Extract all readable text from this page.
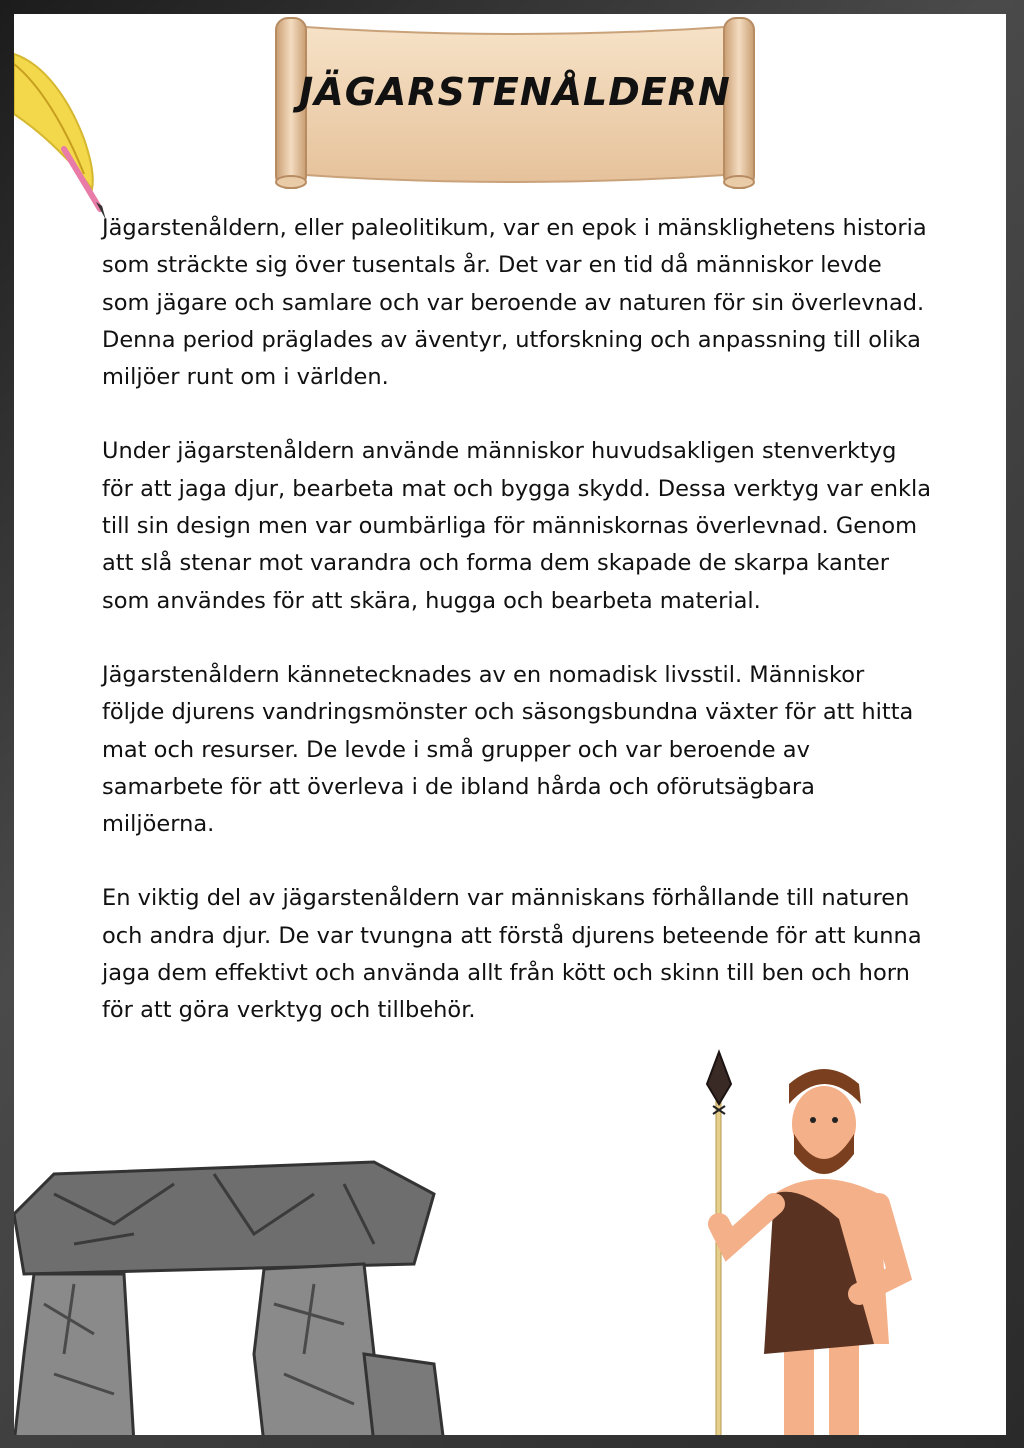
JÄGARSTENÅLDERN

Jägarstenåldern, eller paleolitikum, var en epok i mänsklighetens historia som sträckte sig över tusentals år. Det var en tid då människor levde som jägare och samlare och var beroende av naturen för sin överlevnad. Denna period präglades av äventyr, utforskning och anpassning till olika miljöer runt om i världen.

Under jägarstenåldern använde människor huvudsakligen stenverktyg för att jaga djur, bearbeta mat och bygga skydd. Dessa verktyg var enkla till sin design men var oumbärliga för människornas överlevnad. Genom att slå stenar mot varandra och forma dem skapade de skarpa kanter som användes för att skära, hugga och bearbeta material.

Jägarstenåldern kännetecknades av en nomadisk livsstil. Människor följde djurens vandringsmönster och säsongsbundna växter för att hitta mat och resurser. De levde i små grupper och var beroende av samarbete för att överleva i de ibland hårda och oförutsägbara miljöerna.

En viktig del av jägarstenåldern var människans förhållande till naturen och andra djur. De var tvungna att förstå djurens beteende för att kunna jaga dem effektivt och använda allt från kött och skinn till ben och horn för att göra verktyg och tillbehör.
